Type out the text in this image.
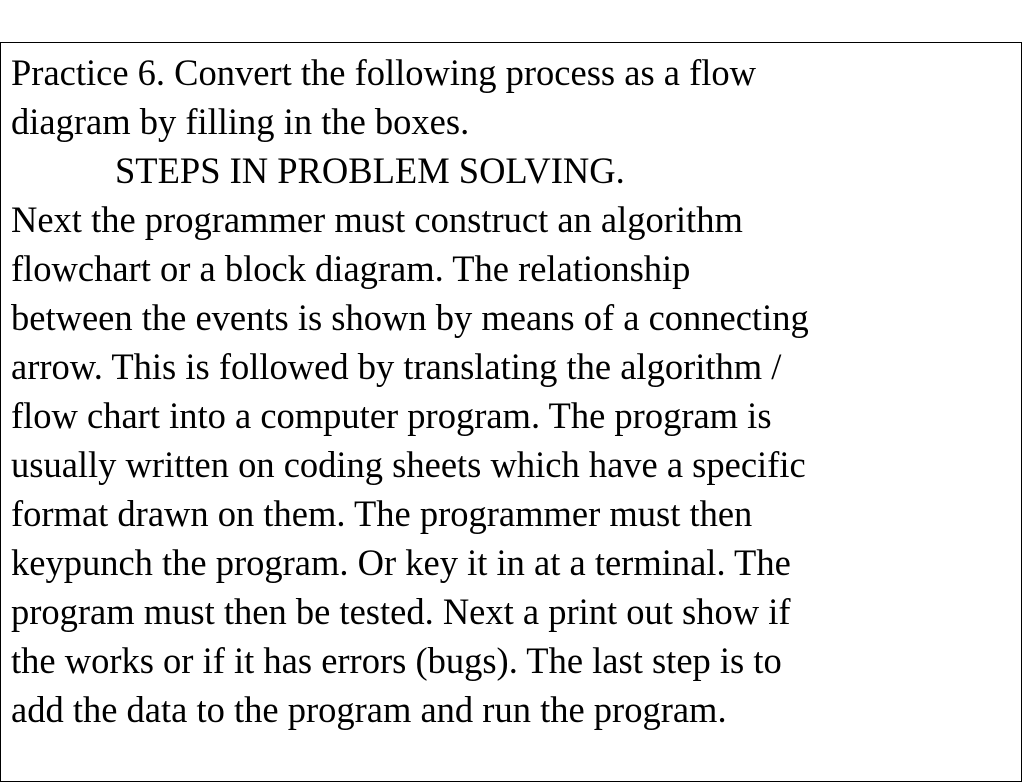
Practice 6. Convert the following process as a flow
diagram by filling in the boxes.
STEPS IN PROBLEM SOLVING.
Next the programmer must construct an algorithm
flowchart or a block diagram. The relationship
between the events is shown by means of a connecting
arrow. This is followed by translating the algorithm /
flow chart into a computer program. The program is
usually written on coding sheets which have a specific
format drawn on them. The programmer must then
keypunch the program. Or key it in at a terminal. The
program must then be tested. Next a print out show if
the works or if it has errors (bugs). The last step is to
add the data to the program and run the program.
